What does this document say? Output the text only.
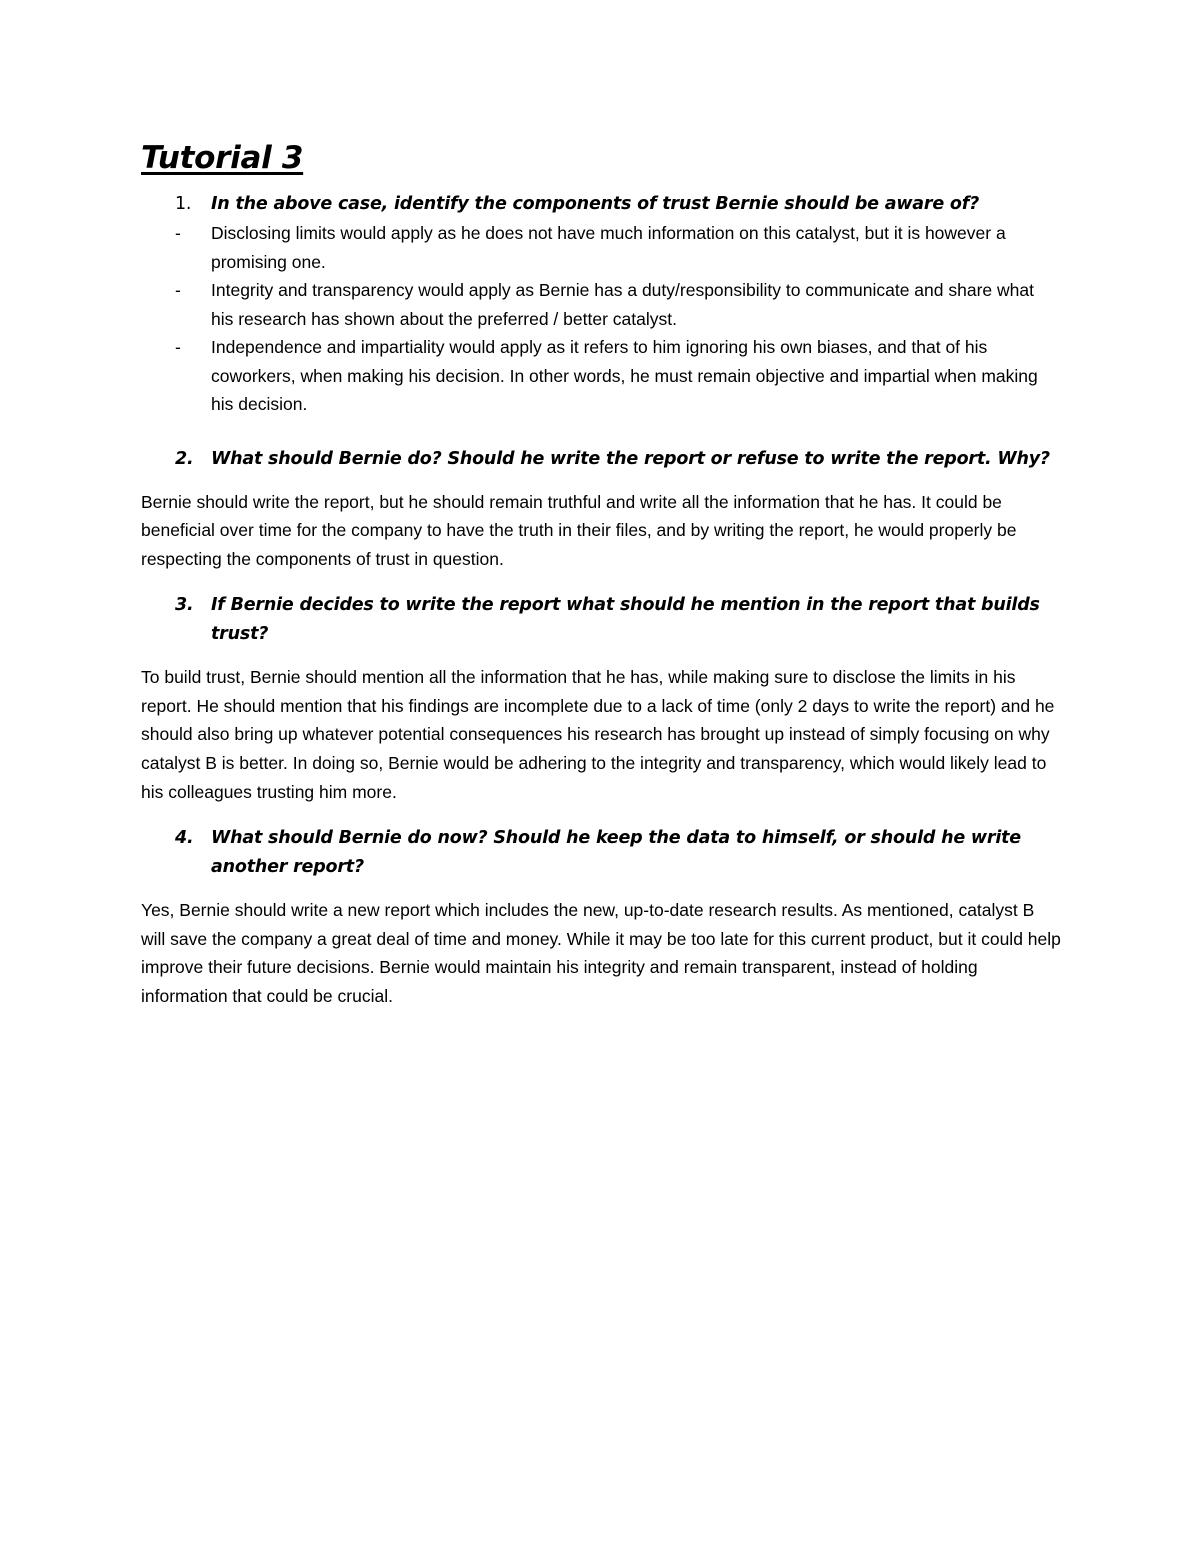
Tutorial 3
1.	In the above case, identify the components of trust Bernie should be aware of?
-	Disclosing limits would apply as he does not have much information on this catalyst, but it is however a promising one.
-	Integrity and transparency would apply as Bernie has a duty/responsibility to communicate and share what his research has shown about the preferred / better catalyst.
-	Independence and impartiality would apply as it refers to him ignoring his own biases, and that of his coworkers, when making his decision. In other words, he must remain objective and impartial when making his decision.
2.	What should Bernie do? Should he write the report or refuse to write the report. Why?

Bernie should write the report, but he should remain truthful and write all the information that he has. It could be beneficial over time for the company to have the truth in their files, and by writing the report, he would properly be respecting the components of trust in question.

3.	If Bernie decides to write the report what should he mention in the report that builds trust?

To build trust, Bernie should mention all the information that he has, while making sure to disclose the limits in his report. He should mention that his findings are incomplete due to a lack of time (only 2 days to write the report) and he should also bring up whatever potential consequences his research has brought up instead of simply focusing on why catalyst B is better. In doing so, Bernie would be adhering to the integrity and transparency, which would likely lead to his colleagues trusting him more.

4.	What should Bernie do now? Should he keep the data to himself, or should he write another report?

Yes, Bernie should write a new report which includes the new, up-to-date research results. As mentioned, catalyst B will save the company a great deal of time and money. While it may be too late for this current product, but it could help improve their future decisions. Bernie would maintain his integrity and remain transparent, instead of holding information that could be crucial.
